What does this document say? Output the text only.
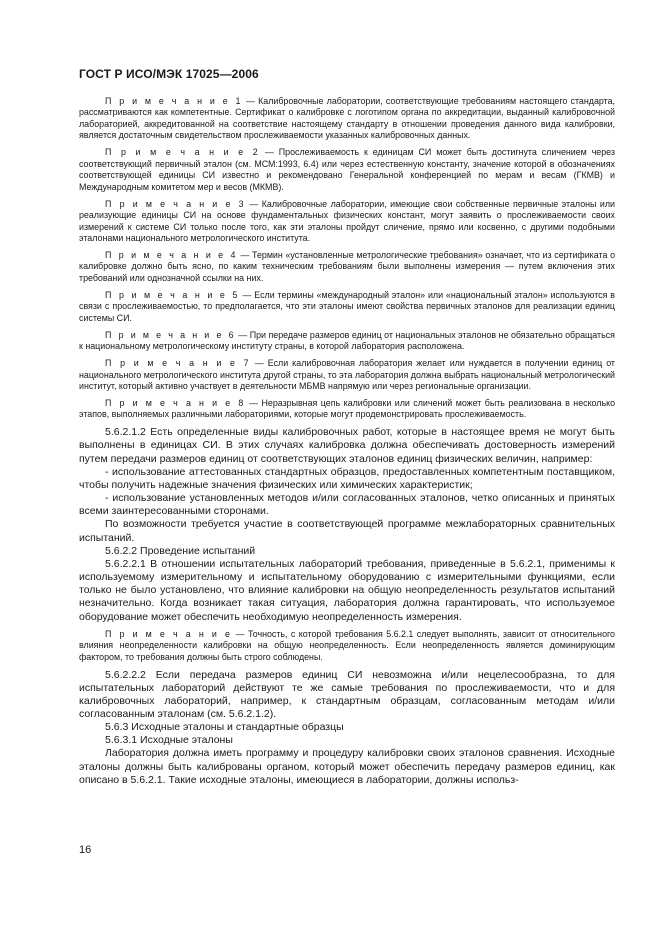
ГОСТ Р ИСО/МЭК 17025—2006

П р и м е ч а н и е 1 — Калибровочные лаборатории, соответствующие требованиям настоящего стандарта, рассматриваются как компетентные. Сертификат о калибровке с логотипом органа по аккредитации, выданный калибровочной лабораторией, аккредитованной на соответствие настоящему стандарту в отношении проведения данного вида калибровки, является достаточным свидетельством прослеживаемости указанных калибровочных данных.

П р и м е ч а н и е 2 — Прослеживаемость к единицам СИ может быть достигнута сличением через соответствующий первичный эталон (см. МСМ:1993, 6.4) или через естественную константу, значение которой в обозначениях соответствующей единицы СИ известно и рекомендовано Генеральной конференцией по мерам и весам (ГКМВ) и Международным комитетом мер и весов (МКМВ).

П р и м е ч а н и е 3 — Калибровочные лаборатории, имеющие свои собственные первичные эталоны или реализующие единицы СИ на основе фундаментальных физических констант, могут заявить о прослеживаемости своих измерений к системе СИ только после того, как эти эталоны пройдут сличение, прямо или косвенно, с другими подобными эталонами национального метрологического института.

П р и м е ч а н и е 4 — Термин «установленные метрологические требования» означает, что из сертификата о калибровке должно быть ясно, по каким техническим требованиям были выполнены измерения — путем включения этих требований или однозначной ссылки на них.

П р и м е ч а н и е 5 — Если термины «международный эталон» или «национальный эталон» используются в связи с прослеживаемостью, то предполагается, что эти эталоны имеют свойства первичных эталонов для реализации единиц системы СИ.

П р и м е ч а н и е 6 — При передаче размеров единиц от национальных эталонов не обязательно обращаться к национальному метрологическому институту страны, в которой лаборатория расположена.

П р и м е ч а н и е 7 — Если калибровочная лаборатория желает или нуждается в получении единиц от национального метрологического института другой страны, то эта лаборатория должна выбрать национальный метрологический институт, который активно участвует в деятельности МБМВ напрямую или через региональные организации.

П р и м е ч а н и е 8 — Неразрывная цепь калибровки или сличений может быть реализована в несколько этапов, выполняемых различными лабораториями, которые могут продемонстрировать прослеживаемость.

5.6.2.1.2 Есть определенные виды калибровочных работ, которые в настоящее время не могут быть выполнены в единицах СИ. В этих случаях калибровка должна обеспечивать достоверность измерений путем передачи размеров единиц от соответствующих эталонов единиц физических величин, например:

- использование аттестованных стандартных образцов, предоставленных компетентным поставщиком, чтобы получить надежные значения физических или химических характеристик;

- использование установленных методов и/или согласованных эталонов, четко описанных и принятых всеми заинтересованными сторонами.

По возможности требуется участие в соответствующей программе межлабораторных сравнительных испытаний.

5.6.2.2 Проведение испытаний

5.6.2.2.1 В отношении испытательных лабораторий требования, приведенные в 5.6.2.1, применимы к используемому измерительному и испытательному оборудованию с измерительными функциями, если только не было установлено, что влияние калибровки на общую неопределенность результатов испытаний незначительно. Когда возникает такая ситуация, лаборатория должна гарантировать, что используемое оборудование может обеспечить необходимую неопределенность измерения.

П р и м е ч а н и е — Точность, с которой требования 5.6.2.1 следует выполнять, зависит от относительного влияния неопределенности калибровки на общую неопределенность. Если неопределенность является доминирующим фактором, то требования должны быть строго соблюдены.

5.6.2.2.2 Если передача размеров единиц СИ невозможна и/или нецелесообразна, то для испытательных лабораторий действуют те же самые требования по прослеживаемости, что и для калибровочных лабораторий, например, к стандартным образцам, согласованным методам и/или согласованным эталонам (см. 5.6.2.1.2).

5.6.3 Исходные эталоны и стандартные образцы

5.6.3.1 Исходные эталоны

Лаборатория должна иметь программу и процедуру калибровки своих эталонов сравнения. Исходные эталоны должны быть калиброваны органом, который может обеспечить передачу размеров единиц, как описано в 5.6.2.1. Такие исходные эталоны, имеющиеся в лаборатории, должны использ-

16
